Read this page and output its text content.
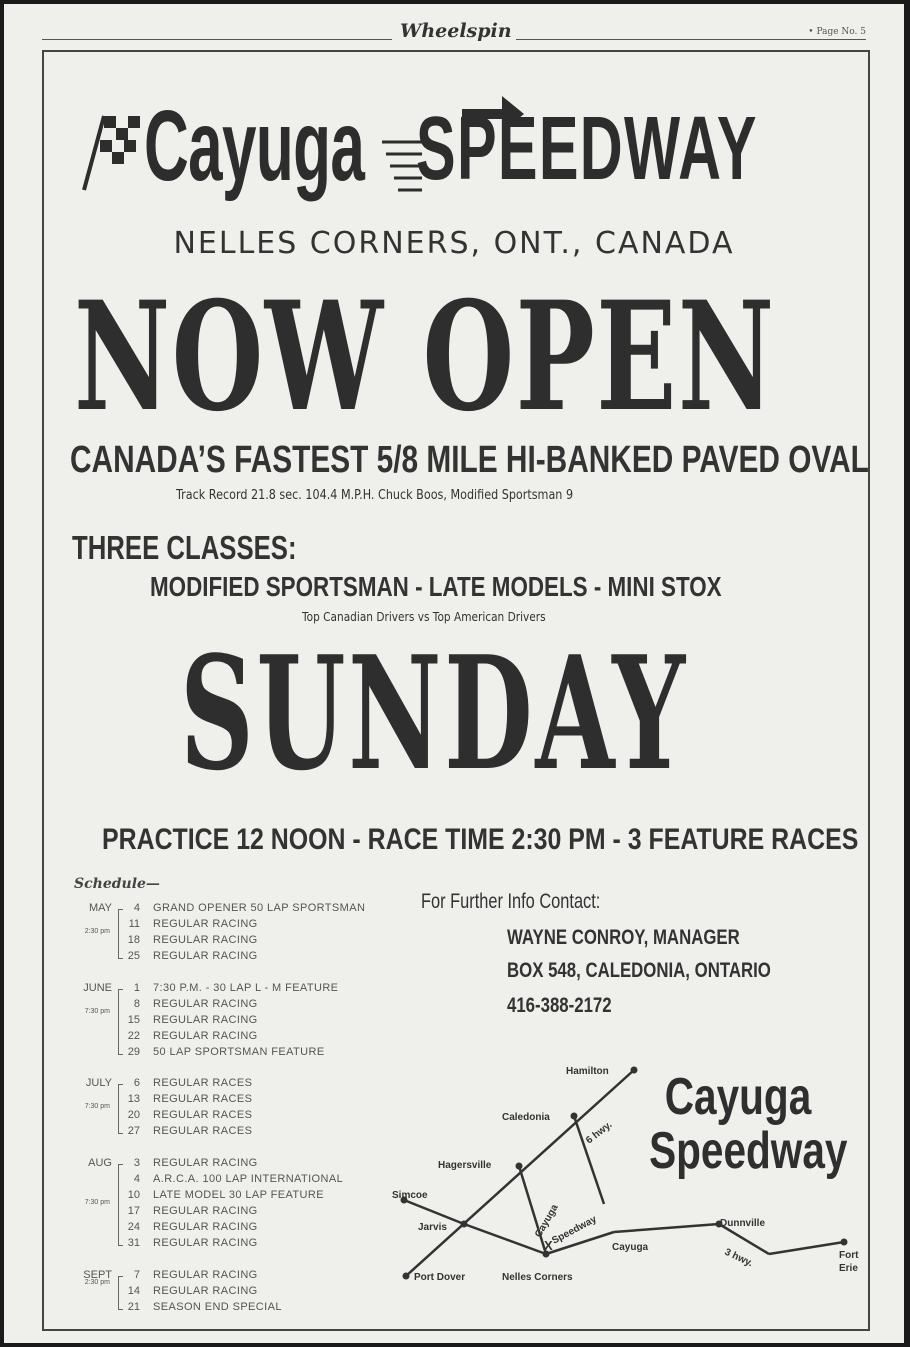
Wheelspin	• Page No. 5
Cayuga SPEEDWAY
NELLES CORNERS, ONT., CANADA
NOW OPEN
CANADA’S FASTEST 5/8 MILE HI-BANKED PAVED OVAL
Track Record 21.8 sec. 104.4 M.P.H. Chuck Boos, Modified Sportsman 9
THREE CLASSES:
MODIFIED SPORTSMAN - LATE MODELS - MINI STOX
Top Canadian Drivers vs Top American Drivers
SUNDAY
PRACTICE 12 NOON - RACE TIME 2:30 PM - 3 FEATURE RACES
Schedule—
MAY
2:30 pm
4 GRAND OPENER 50 LAP SPORTSMAN
11 REGULAR RACING
18 REGULAR RACING
25 REGULAR RACING
JUNE
7:30 pm
1 7:30 P.M. - 30 LAP L - M FEATURE
8 REGULAR RACING
15 REGULAR RACING
22 REGULAR RACING
29 50 LAP SPORTSMAN FEATURE
JULY
7:30 pm
6 REGULAR RACES
13 REGULAR RACES
20 REGULAR RACES
27 REGULAR RACES
AUG
7:30 pm
3 REGULAR RACING
4 A.R.C.A. 100 LAP INTERNATIONAL
10 LATE MODEL 30 LAP FEATURE
17 REGULAR RACING
24 REGULAR RACING
31 REGULAR RACING
SEPT
2:30 pm
7 REGULAR RACING
14 REGULAR RACING
21 SEASON END SPECIAL
For Further Info Contact:
WAYNE CONROY, MANAGER
BOX 548, CALEDONIA, ONTARIO
416-388-2172
Hamilton
Caledonia
6 hwy.
Hagersville
Simcoe
Jarvis	Cayuga
Speedway
X
Dunnville
3 hwy.	Fort
Erie
Cayuga
Port Dover	Nelles Corners
Cayuga
Speedway
